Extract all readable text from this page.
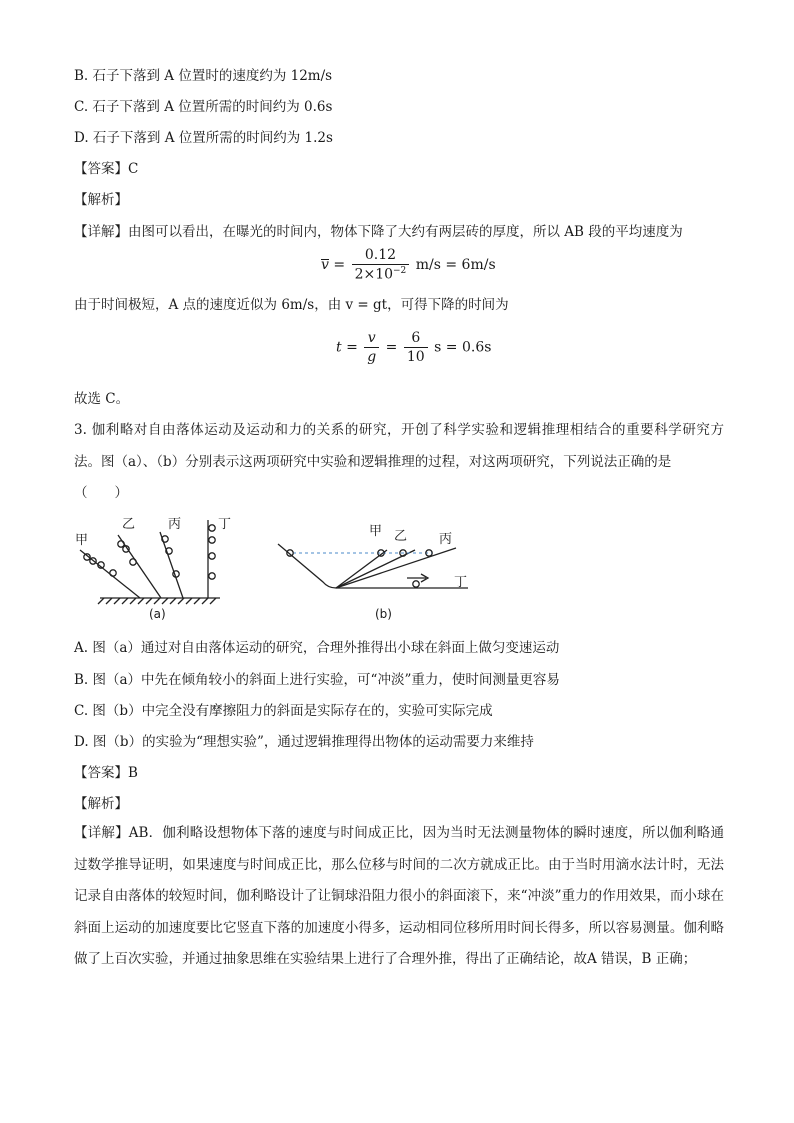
B. 石子下落到 A 位置时的速度约为 12m/s
C. 石子下落到 A 位置所需的时间约为 0.6s
D. 石子下落到 A 位置所需的时间约为 1.2s
【答案】C
【解析】
【详解】由图可以看出，在曝光的时间内，物体下降了大约有两层砖的厚度，所以 AB 段的平均速度为
$v = \frac{0.12}{2\times 10^{-2}} m/s = 6m/s$
由于时间极短，A 点的速度近似为 6m/s，由 v = gt，可得下降的时间为
$t = \frac{v}{g} = \frac{6}{10}$ s = 0.6s
故选 C。
3. 伽利略对自由落体运动及运动和力的关系的研究，开创了科学实验和逻辑推理相结合的重要科学研究方法。图（a）、（b）分别表示这两项研究中实验和逻辑推理的过程，对这两项研究，下列说法正确的是
（　　）
甲
乙	丙	丁
(a)
甲 乙 丙
丁
(b)
A. 图（a）通过对自由落体运动的研究，合理外推得出小球在斜面上做匀变速运动
B. 图（a）中先在倾角较小的斜面上进行实验，可“冲淡”重力，使时间测量更容易
C. 图（b）中完全没有摩擦阻力的斜面是实际存在的，实验可实际完成
D. 图（b）的实验为“理想实验”，通过逻辑推理得出物体的运动需要力来维持
【答案】B
【解析】
【详解】AB．伽利略设想物体下落的速度与时间成正比，因为当时无法测量物体的瞬时速度，所以伽利略通过数学推导证明，如果速度与时间成正比，那么位移与时间的二次方就成正比。由于当时用滴水法计时，无法记录自由落体的较短时间，伽利略设计了让铜球沿阻力很小的斜面滚下，来“冲淡”重力的作用效果，而小球在斜面上运动的加速度要比它竖直下落的加速度小得多，运动相同位移所用时间长得多，所以容易测量。伽利略做了上百次实验，并通过抽象思维在实验结果上进行了合理外推，得出了正确结论，故A 错误，B 正确；
